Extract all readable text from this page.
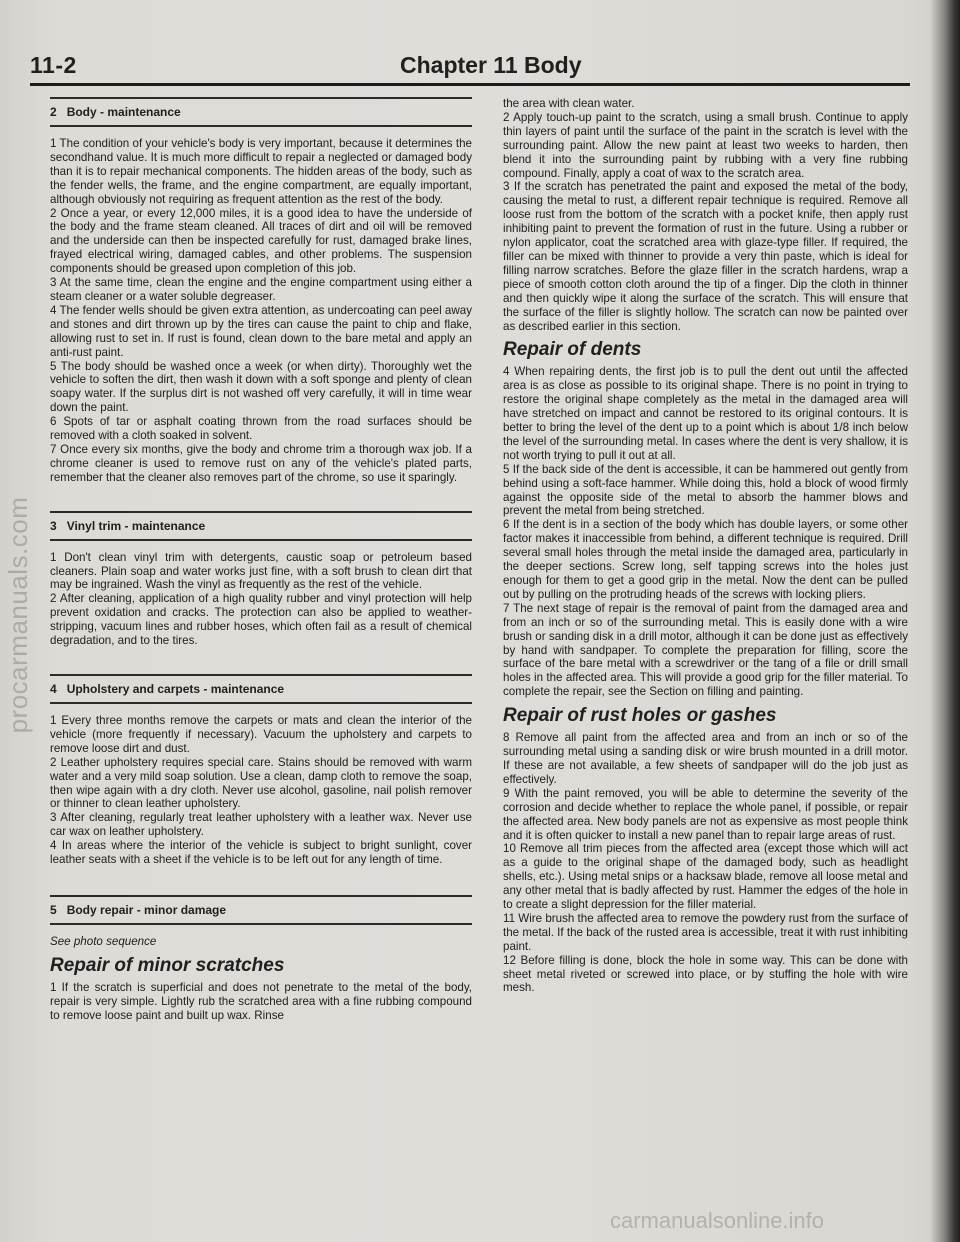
11-2	Chapter 11 Body
2 Body - maintenance

1 The condition of your vehicle's body is very important, because it determines the secondhand value. It is much more difficult to repair a neglected or damaged body than it is to repair mechanical components. The hidden areas of the body, such as the fender wells, the frame, and the engine compartment, are equally important, although obviously not requiring as frequent attention as the rest of the body.

2 Once a year, or every 12,000 miles, it is a good idea to have the underside of the body and the frame steam cleaned. All traces of dirt and oil will be removed and the underside can then be inspected carefully for rust, damaged brake lines, frayed electrical wiring, damaged cables, and other problems. The suspension components should be greased upon completion of this job.

3 At the same time, clean the engine and the engine compartment using either a steam cleaner or a water soluble degreaser.

4 The fender wells should be given extra attention, as undercoating can peel away and stones and dirt thrown up by the tires can cause the paint to chip and flake, allowing rust to set in. If rust is found, clean down to the bare metal and apply an anti-rust paint.

5 The body should be washed once a week (or when dirty). Thoroughly wet the vehicle to soften the dirt, then wash it down with a soft sponge and plenty of clean soapy water. If the surplus dirt is not washed off very carefully, it will in time wear down the paint.

6 Spots of tar or asphalt coating thrown from the road surfaces should be removed with a cloth soaked in solvent.

7 Once every six months, give the body and chrome trim a thorough wax job. If a chrome cleaner is used to remove rust on any of the vehicle's plated parts, remember that the cleaner also removes part of the chrome, so use it sparingly.

3 Vinyl trim - maintenance

1 Don't clean vinyl trim with detergents, caustic soap or petroleum based cleaners. Plain soap and water works just fine, with a soft brush to clean dirt that may be ingrained. Wash the vinyl as frequently as the rest of the vehicle.

2 After cleaning, application of a high quality rubber and vinyl protection will help prevent oxidation and cracks. The protection can also be applied to weather-stripping, vacuum lines and rubber hoses, which often fail as a result of chemical degradation, and to the tires.

4 Upholstery and carpets - maintenance

1 Every three months remove the carpets or mats and clean the interior of the vehicle (more frequently if necessary). Vacuum the upholstery and carpets to remove loose dirt and dust.

2 Leather upholstery requires special care. Stains should be removed with warm water and a very mild soap solution. Use a clean, damp cloth to remove the soap, then wipe again with a dry cloth. Never use alcohol, gasoline, nail polish remover or thinner to clean leather upholstery.

3 After cleaning, regularly treat leather upholstery with a leather wax. Never use car wax on leather upholstery.

4 In areas where the interior of the vehicle is subject to bright sunlight, cover leather seats with a sheet if the vehicle is to be left out for any length of time.

5 Body repair - minor damage

See photo sequence

Repair of minor scratches

1 If the scratch is superficial and does not penetrate to the metal of the body, repair is very simple. Lightly rub the scratched area with a fine rubbing compound to remove loose paint and built up wax. Rinse

the area with clean water.

2 Apply touch-up paint to the scratch, using a small brush. Continue to apply thin layers of paint until the surface of the paint in the scratch is level with the surrounding paint. Allow the new paint at least two weeks to harden, then blend it into the surrounding paint by rubbing with a very fine rubbing compound. Finally, apply a coat of wax to the scratch area.

3 If the scratch has penetrated the paint and exposed the metal of the body, causing the metal to rust, a different repair technique is required. Remove all loose rust from the bottom of the scratch with a pocket knife, then apply rust inhibiting paint to prevent the formation of rust in the future. Using a rubber or nylon applicator, coat the scratched area with glaze-type filler. If required, the filler can be mixed with thinner to provide a very thin paste, which is ideal for filling narrow scratches. Before the glaze filler in the scratch hardens, wrap a piece of smooth cotton cloth around the tip of a finger. Dip the cloth in thinner and then quickly wipe it along the surface of the scratch. This will ensure that the surface of the filler is slightly hollow. The scratch can now be painted over as described earlier in this section.

Repair of dents

4 When repairing dents, the first job is to pull the dent out until the affected area is as close as possible to its original shape. There is no point in trying to restore the original shape completely as the metal in the damaged area will have stretched on impact and cannot be restored to its original contours. It is better to bring the level of the dent up to a point which is about 1/8 inch below the level of the surrounding metal. In cases where the dent is very shallow, it is not worth trying to pull it out at all.

5 If the back side of the dent is accessible, it can be hammered out gently from behind using a soft-face hammer. While doing this, hold a block of wood firmly against the opposite side of the metal to absorb the hammer blows and prevent the metal from being stretched.

6 If the dent is in a section of the body which has double layers, or some other factor makes it inaccessible from behind, a different technique is required. Drill several small holes through the metal inside the damaged area, particularly in the deeper sections. Screw long, self tapping screws into the holes just enough for them to get a good grip in the metal. Now the dent can be pulled out by pulling on the protruding heads of the screws with locking pliers.

7 The next stage of repair is the removal of paint from the damaged area and from an inch or so of the surrounding metal. This is easily done with a wire brush or sanding disk in a drill motor, although it can be done just as effectively by hand with sandpaper. To complete the preparation for filling, score the surface of the bare metal with a screwdriver or the tang of a file or drill small holes in the affected area. This will provide a good grip for the filler material. To complete the repair, see the Section on filling and painting.

Repair of rust holes or gashes

8 Remove all paint from the affected area and from an inch or so of the surrounding metal using a sanding disk or wire brush mounted in a drill motor. If these are not available, a few sheets of sandpaper will do the job just as effectively.

9 With the paint removed, you will be able to determine the severity of the corrosion and decide whether to replace the whole panel, if possible, or repair the affected area. New body panels are not as expensive as most people think and it is often quicker to install a new panel than to repair large areas of rust.

10 Remove all trim pieces from the affected area (except those which will act as a guide to the original shape of the damaged body, such as headlight shells, etc.). Using metal snips or a hacksaw blade, remove all loose metal and any other metal that is badly affected by rust. Hammer the edges of the hole in to create a slight depression for the filler material.

11 Wire brush the affected area to remove the powdery rust from the surface of the metal. If the back of the rusted area is accessible, treat it with rust inhibiting paint.

12 Before filling is done, block the hole in some way. This can be done with sheet metal riveted or screwed into place, or by stuffing the hole with wire mesh.

procarmanuals.com
carmanualsonline.info
